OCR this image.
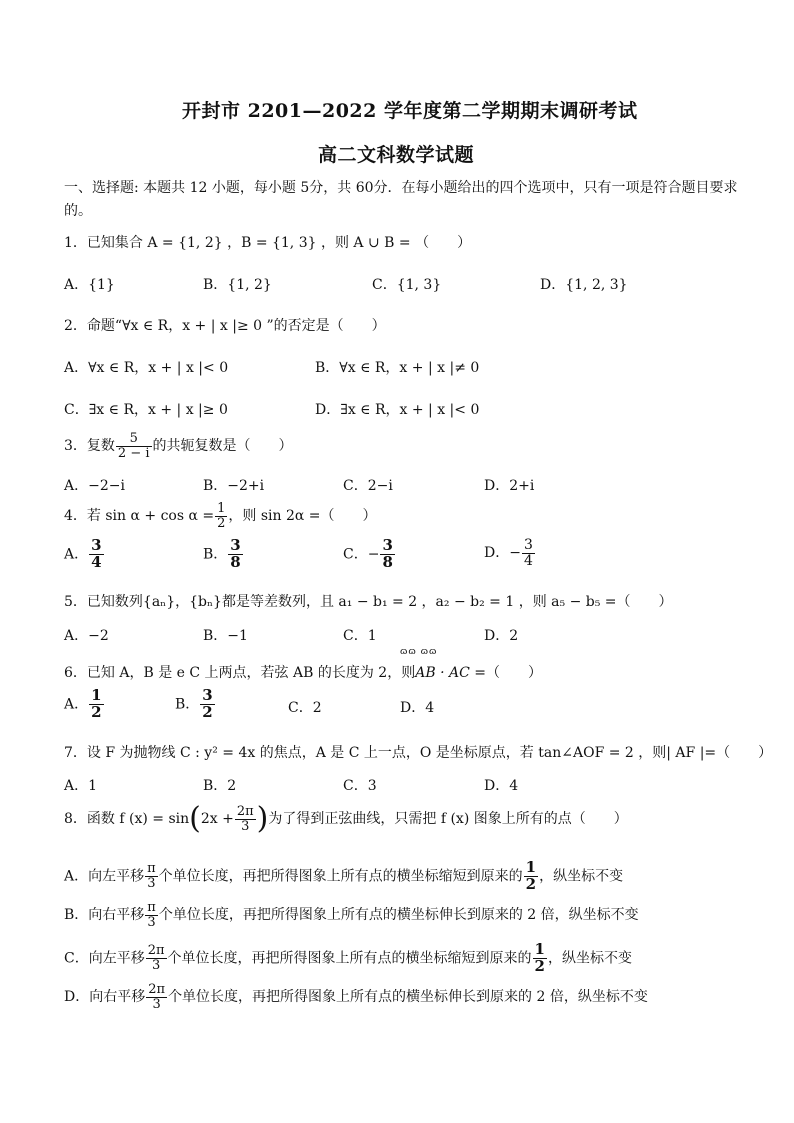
开封市 2201—2022 学年度第二学期期末调研考试
高二文科数学试题
一、选择题: 本题共 12 小题，每小题 5分，共 60分．在每小题给出的四个选项中，只有一项是符合题目要求
的。
1．已知集合 A = {1, 2} ，B = {1, 3} ，则 A ∪ B = （　　）
A．{1}	B．{1, 2}	C．{1, 3}	D．{1, 2, 3}
2．命题“∀x ∈ R，x + | x |≥ 0 ”的否定是（　　）
A．∀x ∈ R，x + | x |< 0	B．∀x ∈ R，x + | x |≠ 0
C．∃x ∈ R，x + | x |≥ 0	D．∃x ∈ R，x + | x |< 0
3．复数 $\frac{5}{2 - i}$ 的共轭复数是（　　）
A．−2−i	B．−2+i	C．2−i	D．2+i
4．若 $\sin \alpha + \cos \alpha = \frac{1}{2}$ ，则 sin 2α =（　　）
A． $\frac{3}{4}$	B． $\frac{3}{8}$	C．− $\frac{3}{8}$	D．− $\frac{3}{4}$
5．已知数列{aₙ}，{bₙ}都是等差数列，且 a₁ − b₁ = 2 ，a₂ − b₂ = 1 ，则 a₅ − b₅ =（　　）
A．−2	B．−1	C．1	D．2
ɷɷ ɷɷ
6．已知 A，B 是 e C 上两点，若弦 AB 的长度为 2，则AB · AC =（　　）
A． $\frac{1}{2}$	B． $\frac{3}{2}$	C．2	D．4
7．设 F 为抛物线 C : y² = 4x 的焦点，A 是 C 上一点，O 是坐标原点，若 tan∠AOF = 2 ，则| AF |=（　　）
A．1	B．2	C．3	D．4
8．函数 f $(x) = \sin(2x + \frac{2\pi}{3}$ )为了得到正弦曲线，只需把 f (x) 图象上所有的点（　　）
A．向左平移 $\frac{\pi}{3}$ 个单位长度，再把所得图象上所有点的横坐标缩短到原来的 $\frac{1}{2}$ ，纵坐标不变
B．向右平移 $\frac{\pi}{3}$ 个单位长度，再把所得图象上所有点的横坐标伸长到原来的 2 倍，纵坐标不变
C．向左平移 $\frac{2\pi}{3}$ 个单位长度，再把所得图象上所有点的横坐标缩短到原来的 $\frac{1}{2}$ ，纵坐标不变
D．向右平移 $\frac{2\pi}{3}$ 个单位长度，再把所得图象上所有点的横坐标伸长到原来的 2 倍，纵坐标不变
